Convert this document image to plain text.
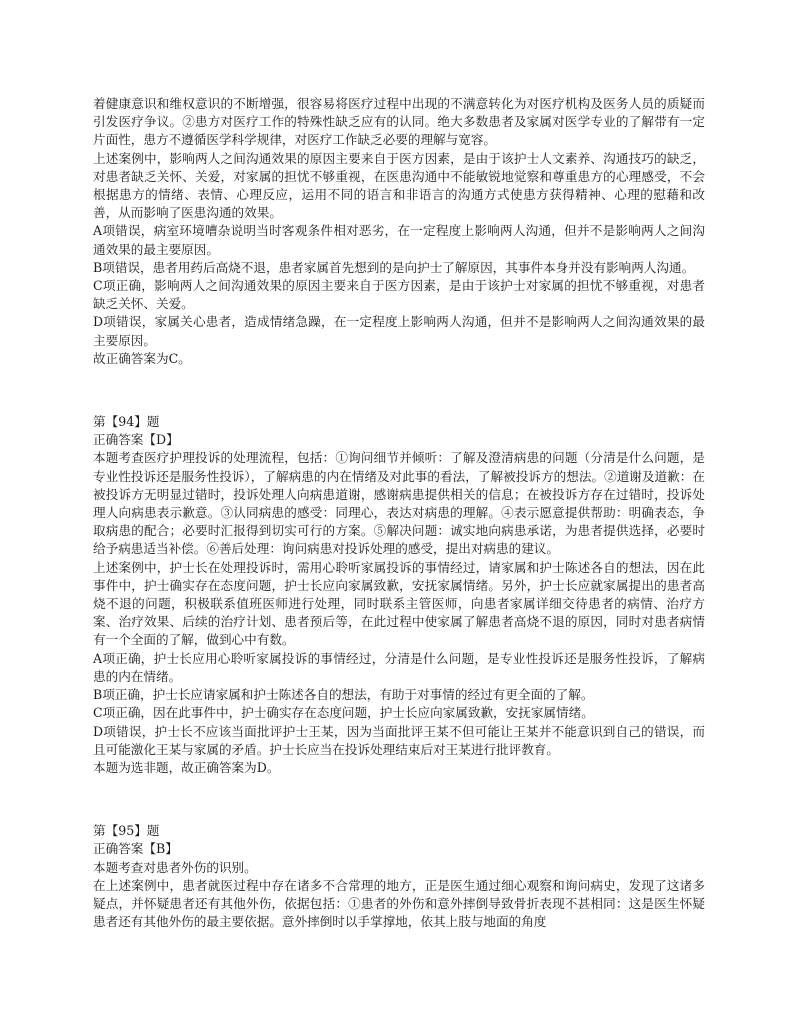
着健康意识和维权意识的不断增强，很容易将医疗过程中出现的不满意转化为对医疗机构及医务人员的质疑而引发医疗争议。②患方对医疗工作的特殊性缺乏应有的认同。绝大多数患者及家属对医学专业的了解带有一定片面性，患方不遵循医学科学规律，对医疗工作缺乏必要的理解与宽容。

上述案例中，影响两人之间沟通效果的原因主要来自于医方因素，是由于该护士人文素养、沟通技巧的缺乏，对患者缺乏关怀、关爱，对家属的担忧不够重视，在医患沟通中不能敏锐地觉察和尊重患方的心理感受，不会根据患方的情绪、表情、心理反应，运用不同的语言和非语言的沟通方式使患方获得精神、心理的慰藉和改善，从而影响了医患沟通的效果。

A项错误，病室环境嘈杂说明当时客观条件相对恶劣，在一定程度上影响两人沟通，但并不是影响两人之间沟通效果的最主要原因。

B项错误，患者用药后高烧不退，患者家属首先想到的是向护士了解原因，其事件本身并没有影响两人沟通。

C项正确，影响两人之间沟通效果的原因主要来自于医方因素，是由于该护士对家属的担忧不够重视，对患者缺乏关怀、关爱。

D项错误，家属关心患者，造成情绪急躁，在一定程度上影响两人沟通，但并不是影响两人之间沟通效果的最主要原因。

故正确答案为C。

第【94】题

正确答案【D】

本题考查医疗护理投诉的处理流程，包括：①询问细节并倾听：了解及澄清病患的问题（分清是什么问题，是专业性投诉还是服务性投诉），了解病患的内在情绪及对此事的看法，了解被投诉方的想法。②道谢及道歉：在被投诉方无明显过错时，投诉处理人向病患道谢，感谢病患提供相关的信息；在被投诉方存在过错时，投诉处理人向病患表示歉意。③认同病患的感受：同理心，表达对病患的理解。④表示愿意提供帮助：明确表态，争取病患的配合；必要时汇报得到切实可行的方案。⑤解决问题：诚实地向病患承诺，为患者提供选择，必要时给予病患适当补偿。⑥善后处理：询问病患对投诉处理的感受，提出对病患的建议。

上述案例中，护士长在处理投诉时，需用心聆听家属投诉的事情经过，请家属和护士陈述各自的想法，因在此事件中，护士确实存在态度问题，护士长应向家属致歉，安抚家属情绪。另外，护士长应就家属提出的患者高烧不退的问题，积极联系值班医师进行处理，同时联系主管医师，向患者家属详细交待患者的病情、治疗方案、治疗效果、后续的治疗计划、患者预后等，在此过程中使家属了解患者高烧不退的原因，同时对患者病情有一个全面的了解，做到心中有数。

A项正确，护士长应用心聆听家属投诉的事情经过，分清是什么问题，是专业性投诉还是服务性投诉，了解病患的内在情绪。

B项正确，护士长应请家属和护士陈述各自的想法，有助于对事情的经过有更全面的了解。

C项正确，因在此事件中，护士确实存在态度问题，护士长应向家属致歉，安抚家属情绪。

D项错误，护士长不应该当面批评护士王某，因为当面批评王某不但可能让王某并不能意识到自己的错误，而且可能激化王某与家属的矛盾。护士长应当在投诉处理结束后对王某进行批评教育。

本题为选非题，故正确答案为D。

第【95】题

正确答案【B】

本题考查对患者外伤的识别。

在上述案例中，患者就医过程中存在诸多不合常理的地方，正是医生通过细心观察和询问病史，发现了这诸多疑点，并怀疑患者还有其他外伤，依据包括：①患者的外伤和意外摔倒导致骨折表现不甚相同：这是医生怀疑患者还有其他外伤的最主要依据。意外摔倒时以手掌撑地，依其上肢与地面的角度
